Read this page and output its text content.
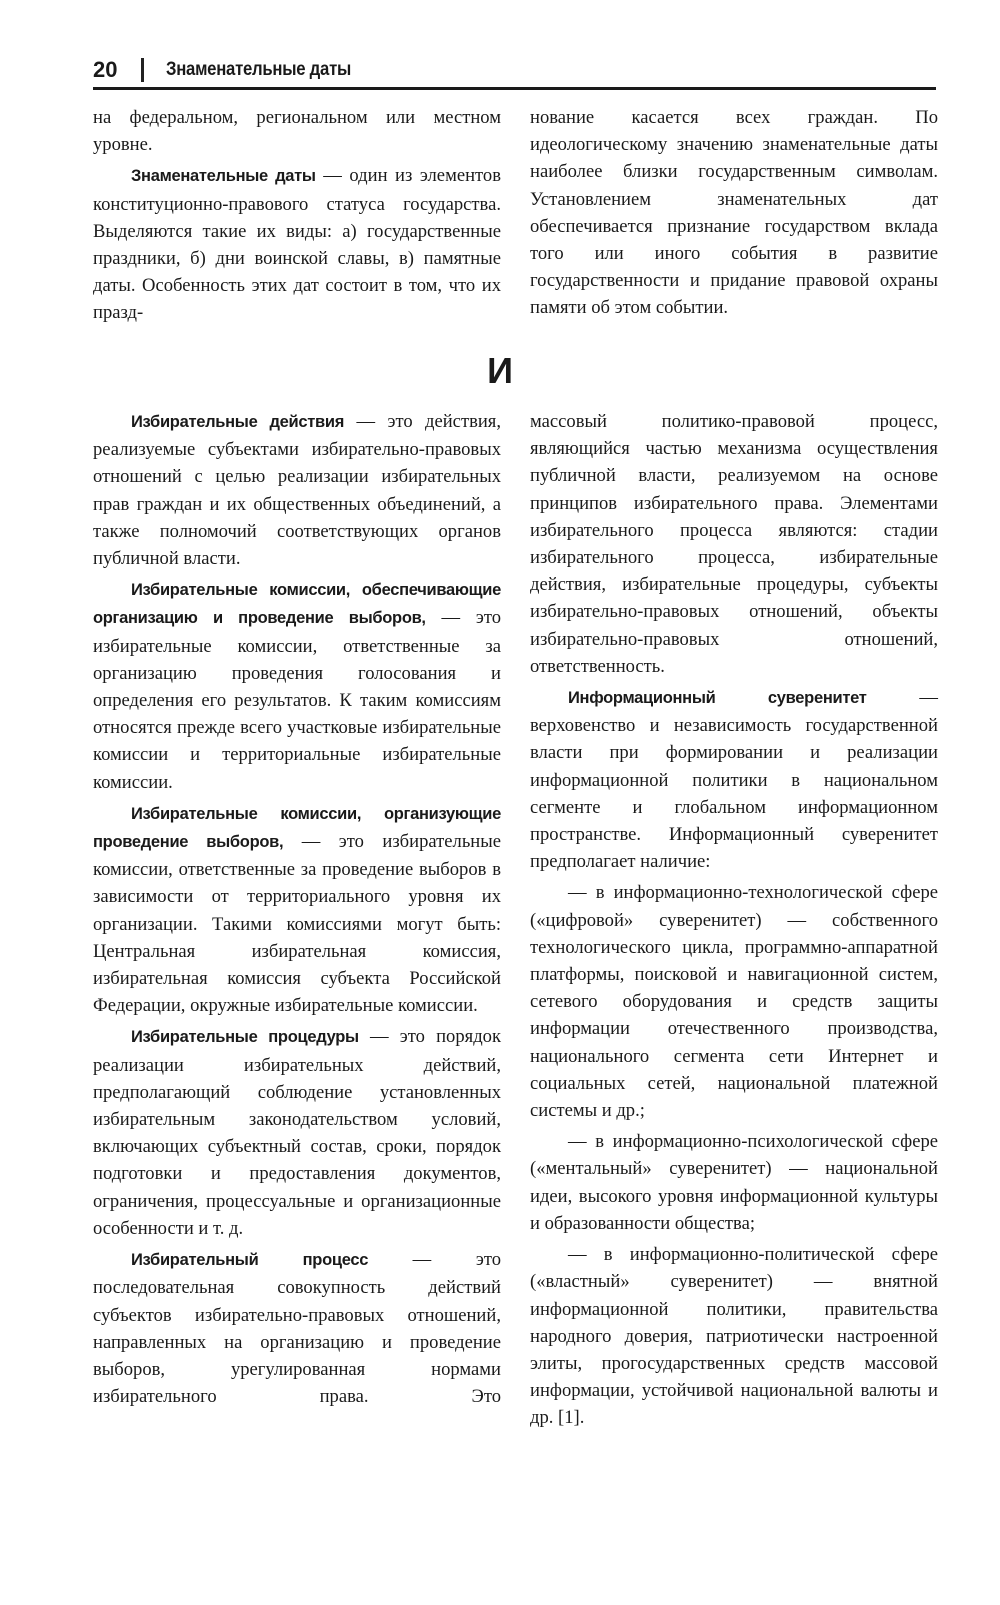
20	Знаменательные даты

на федеральном, региональном или местном уровне.

Знаменательные даты — один из элементов конституционно-правового статуса государства. Выделяются такие их виды: а) государственные праздники, б) дни воинской славы, в) памятные даты. Особенность этих дат состоит в том, что их празд-

нование касается всех граждан. По идеологическому значению знаменательные даты наиболее близки государственным символам. Установлением знаменательных дат обеспечивается признание государством вклада того или иного события в развитие государственности и придание правовой охраны памяти об этом событии.

И

Избирательные действия — это действия, реализуемые субъектами избирательно-правовых отношений с целью реализации избирательных прав граждан и их общественных объединений, а также полномочий соответствующих органов публичной власти.

Избирательные комиссии, обеспечивающие организацию и проведение выборов, — это избирательные комиссии, ответственные за организацию проведения голосования и определения его результатов. К таким комиссиям относятся прежде всего участковые избирательные комиссии и территориальные избирательные комиссии.

Избирательные комиссии, организующие проведение выборов, — это избирательные комиссии, ответственные за проведение выборов в зависимости от территориального уровня их организации. Такими комиссиями могут быть: Центральная избирательная комиссия, избирательная комиссия субъекта Российской Федерации, окружные избирательные комиссии.

Избирательные процедуры — это порядок реализации избирательных действий, предполагающий соблюдение установленных избирательным законодательством условий, включающих субъектный состав, сроки, порядок подготовки и предоставления документов, ограничения, процессуальные и организационные особенности и т. д.

Избирательный процесс — это последовательная совокупность действий субъектов избирательно-правовых отношений, направленных на организацию и проведение выборов, урегулированная нормами избирательного права. Это

массовый политико-правовой процесс, являющийся частью механизма осуществления публичной власти, реализуемом на основе принципов избирательного права. Элементами избирательного процесса являются: стадии избирательного процесса, избирательные действия, избирательные процедуры, субъекты избирательно-правовых отношений, объекты избирательно-правовых отношений, ответственность.

Информационный суверенитет — верховенство и независимость государственной власти при формировании и реализации информационной политики в национальном сегменте и глобальном информационном пространстве. Информационный суверенитет предполагает наличие:

— в информационно-технологической сфере («цифровой» суверенитет) — собственного технологического цикла, программно-аппаратной платформы, поисковой и навигационной систем, сетевого оборудования и средств защиты информации отечественного производства, национального сегмента сети Интернет и социальных сетей, национальной платежной системы и др.;

— в информационно-психологической сфере («ментальный» суверенитет) — национальной идеи, высокого уровня информационной культуры и образованности общества;

— в информационно-политической сфере («властный» суверенитет) — внятной информационной политики, правительства народного доверия, патриотически настроенной элиты, прогосударственных средств массовой информации, устойчивой национальной валюты и др. [1].
